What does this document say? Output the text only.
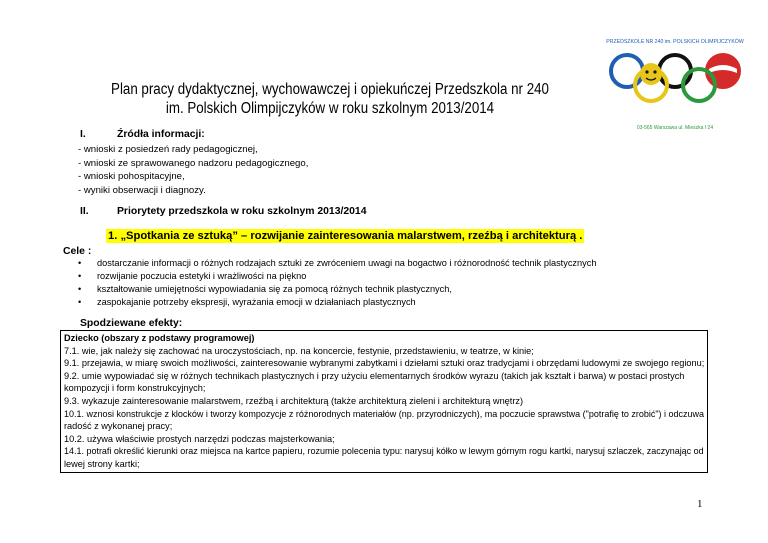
Plan pracy dydaktycznej, wychowawczej i opiekuńczej Przedszkola nr 240
im. Polskich Olimpijczyków w roku szkolnym 2013/2014
PRZEDSZKOLE NR 240 im. POLSKICH OLIMPIJCZYKÓW
03-565 Warszawa ul. Mieszka I 24
I.	Źródła informacji:
- wnioski z posiedzeń rady pedagogicznej,
- wnioski ze sprawowanego nadzoru pedagogicznego,
- wnioski pohospitacyjne,
- wyniki obserwacji i diagnozy.
II.	Priorytety przedszkola w roku szkolnym 2013/2014
1. „Spotkania ze sztuką” – rozwijanie zainteresowania malarstwem, rzeźbą i architekturą .
Cele :
•	dostarczanie informacji o różnych rodzajach sztuki ze zwróceniem uwagi na bogactwo i różnorodność technik plastycznych
•	rozwijanie poczucia estetyki i wrażliwości na piękno
•	kształtowanie umiejętności wypowiadania się za pomocą różnych technik plastycznych,
•	zaspokajanie potrzeby ekspresji, wyrażania emocji w działaniach plastycznych
Spodziewane efekty:
Dziecko (obszary z podstawy programowej)
7.1. wie, jak należy się zachować na uroczystościach, np. na koncercie, festynie, przedstawieniu, w teatrze, w kinie;
9.1. przejawia, w miarę swoich możliwości, zainteresowanie wybranymi zabytkami i dziełami sztuki oraz tradycjami i obrzędami ludowymi ze swojego regionu;
9.2. umie wypowiadać się w różnych technikach plastycznych i przy użyciu elementarnych środków wyrazu (takich jak kształt i barwa) w postaci prostych
kompozycji i form konstrukcyjnych;
9.3. wykazuje zainteresowanie malarstwem, rzeźbą i architekturą (także architekturą zieleni i architekturą wnętrz)
10.1. wznosi konstrukcje z klocków i tworzy kompozycje z różnorodnych materiałów (np. przyrodniczych), ma poczucie sprawstwa ("potrafię to zrobić") i odczuwa
radość z wykonanej pracy;
10.2. używa właściwie prostych narzędzi podczas majsterkowania;
14.1. potrafi określić kierunki oraz miejsca na kartce papieru, rozumie polecenia typu: narysuj kółko w lewym górnym rogu kartki, narysuj szlaczek, zaczynając od
lewej strony kartki;
1
